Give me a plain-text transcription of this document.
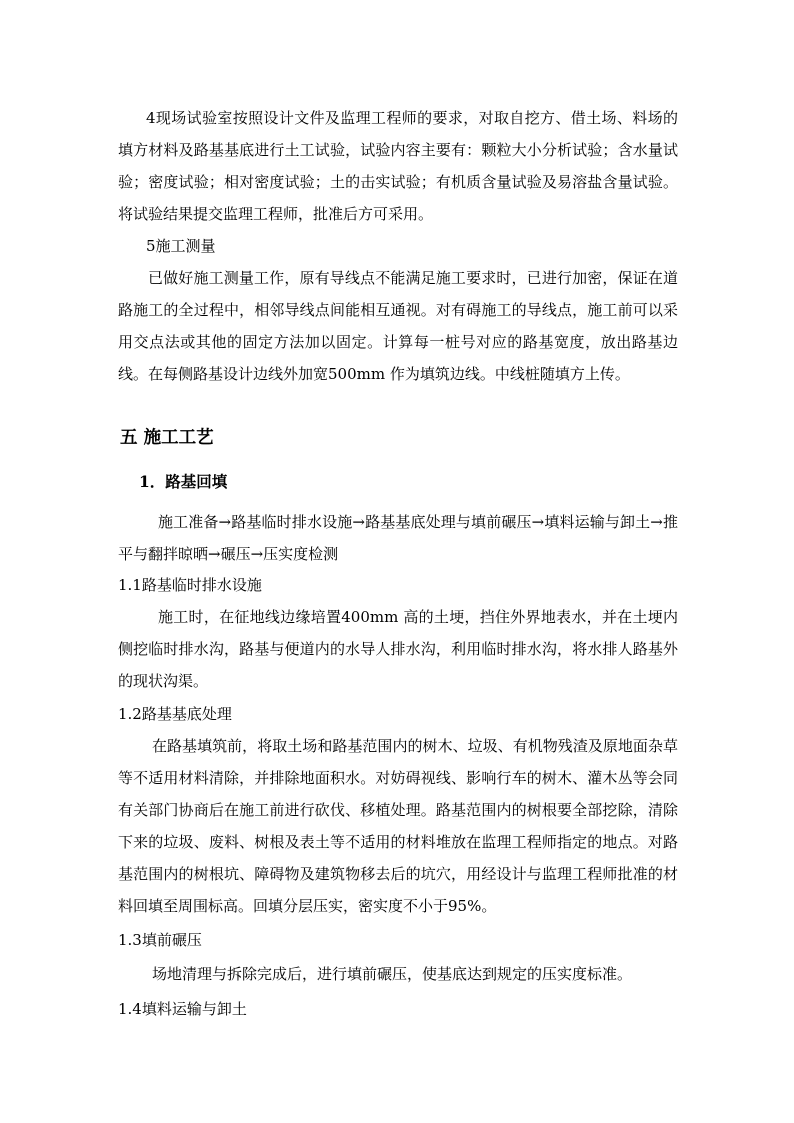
4现场试验室按照设计文件及监理工程师的要求，对取自挖方、借土场、料场的填方材料及路基基底进行土工试验，试验内容主要有：颗粒大小分析试验；含水量试验；密度试验；相对密度试验；土的击实试验；有机质含量试验及易溶盐含量试验。将试验结果提交监理工程师，批准后方可采用。

5施工测量

已做好施工测量工作，原有导线点不能满足施工要求时，已进行加密，保证在道路施工的全过程中，相邻导线点间能相互通视。对有碍施工的导线点，施工前可以采用交点法或其他的固定方法加以固定。计算每一桩号对应的路基宽度，放出路基边线。在每侧路基设计边线外加宽500mm 作为填筑边线。中线桩随填方上传。

五 施工工艺

1．路基回填

施工准备→路基临时排水设施→路基基底处理与填前碾压→填料运输与卸土→推平与翻拌晾晒→碾压→压实度检测

1.1路基临时排水设施

施工时，在征地线边缘培置400mm 高的土埂，挡住外界地表水，并在土埂内侧挖临时排水沟，路基与便道内的水导人排水沟，利用临时排水沟，将水排人路基外的现状沟渠。

1.2路基基底处理

在路基填筑前，将取土场和路基范围内的树木、垃圾、有机物残渣及原地面杂草等不适用材料清除，并排除地面积水。对妨碍视线、影响行车的树木、灌木丛等会同有关部门协商后在施工前进行砍伐、移植处理。路基范围内的树根要全部挖除，清除下来的垃圾、废料、树根及表土等不适用的材料堆放在监理工程师指定的地点。对路基范围内的树根坑、障碍物及建筑物移去后的坑穴，用经设计与监理工程师批准的材料回填至周围标高。回填分层压实，密实度不小于95%。

1.3填前碾压

场地清理与拆除完成后，进行填前碾压，使基底达到规定的压实度标准。

1.4填料运输与卸土
